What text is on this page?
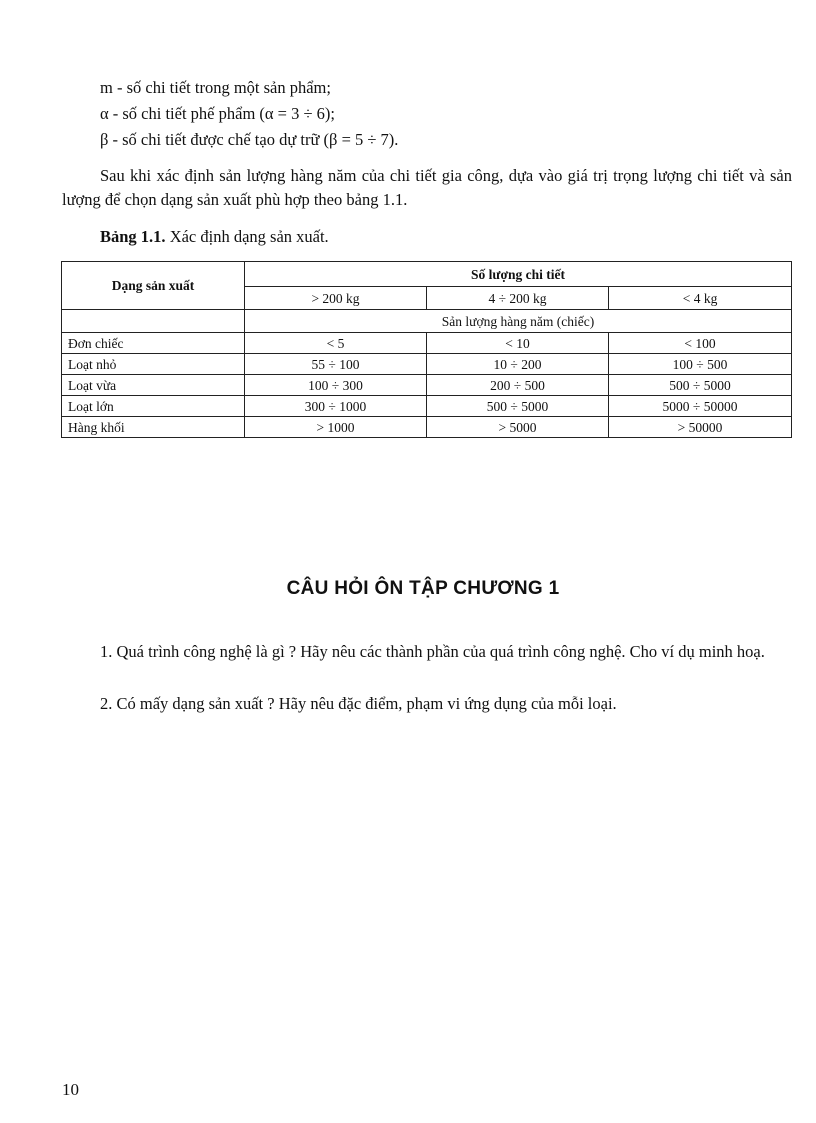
m - số chi tiết trong một sản phẩm;
α - số chi tiết phế phẩm (α = 3 ÷ 6);
β - số chi tiết được chế tạo dự trữ (β = 5 ÷ 7).
Sau khi xác định sản lượng hàng năm của chi tiết gia công, dựa vào giá trị trọng lượng chi tiết và sản lượng để chọn dạng sản xuất phù hợp theo bảng 1.1.
Bảng 1.1. Xác định dạng sản xuất.
Dạng sản xuất	Số lượng chi tiết		
	> 200 kg	4 ÷ 200 kg	< 4 kg
	Sản lượng hàng năm (chiếc)		
Đơn chiếc	< 5	< 10	< 100
Loạt nhỏ	55 ÷ 100	10 ÷ 200	100 ÷ 500
Loạt vừa	100 ÷ 300	200 ÷ 500	500 ÷ 5000
Loạt lớn	300 ÷ 1000	500 ÷ 5000	5000 ÷ 50000
Hàng khối	> 1000	> 5000	> 50000
CÂU HỎI ÔN TẬP CHƯƠNG 1
1. Quá trình công nghệ là gì ? Hãy nêu các thành phần của quá trình công nghệ. Cho ví dụ minh hoạ.
2. Có mấy dạng sản xuất ? Hãy nêu đặc điểm, phạm vi ứng dụng của mỗi loại.
10
